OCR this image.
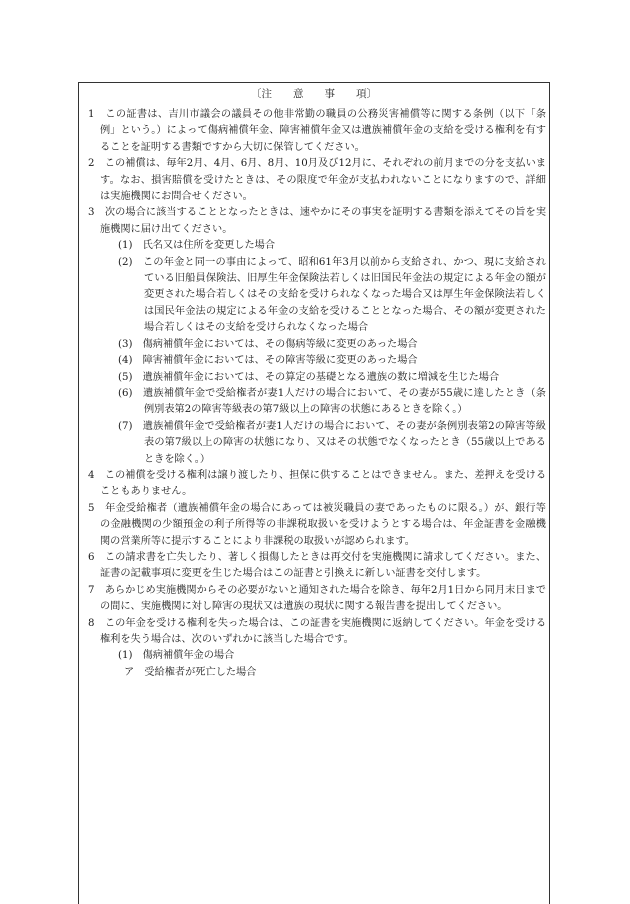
〔注　　意　　事　　項〕

1　 この証書は、吉川市議会の議員その他非常勤の職員の公務災害補償等に関する条例（以下「条例」という。）によって傷病補償年金、障害補償年金又は遺族補償年金の支給を受ける権利を有することを証明する書類ですから大切に保管してください。

2　 この補償は、毎年2月、4月、6月、8月、10月及び12月に、それぞれの前月までの分を支払います。なお、損害賠償を受けたときは、その限度で年金が支払われないことになりますので、詳細は実施機関にお問合せください。

3　 次の場合に該当することとなったときは、速やかにその事実を証明する書類を添えてその旨を実施機関に届け出てください。

(1)　 氏名又は住所を変更した場合

(2)　 この年金と同一の事由によって、昭和61年3月以前から支給され、かつ、現に支給されている旧船員保険法、旧厚生年金保険法若しくは旧国民年金法の規定による年金の額が変更された場合若しくはその支給を受けられなくなった場合又は厚生年金保険法若しくは国民年金法の規定による年金の支給を受けることとなった場合、その額が変更された場合若しくはその支給を受けられなくなった場合

(3)　 傷病補償年金においては、その傷病等級に変更のあった場合

(4)　 障害補償年金においては、その障害等級に変更のあった場合

(5)　 遺族補償年金においては、その算定の基礎となる遺族の数に増減を生じた場合

(6)　 遺族補償年金で受給権者が妻1人だけの場合において、その妻が55歳に達したとき（条例別表第2の障害等級表の第7級以上の障害の状態にあるときを除く。）

(7)　 遺族補償年金で受給権者が妻1人だけの場合において、その妻が条例別表第2の障害等級表の第7級以上の障害の状態になり、又はその状態でなくなったとき（55歳以上であるときを除く。）

4　 この補償を受ける権利は譲り渡したり、担保に供することはできません。また、差押えを受けることもありません。

5　 年金受給権者（遺族補償年金の場合にあっては被災職員の妻であったものに限る。）が、銀行等の金融機関の少額預金の利子所得等の非課税取扱いを受けようとする場合は、年金証書を金融機関の営業所等に提示することにより非課税の取扱いが認められます。

6　 この請求書を亡失したり、著しく損傷したときは再交付を実施機関に請求してください。また、証書の記載事項に変更を生じた場合はこの証書と引換えに新しい証書を交付します。

7　 あらかじめ実施機関からその必要がないと通知された場合を除き、毎年2月1日から同月末日までの間に、実施機関に対し障害の現状又は遺族の現状に関する報告書を提出してください。

8　 この年金を受ける権利を失った場合は、この証書を実施機関に返納してください。年金を受ける権利を失う場合は、次のいずれかに該当した場合です。

(1)　 傷病補償年金の場合

ア　 受給権者が死亡した場合
